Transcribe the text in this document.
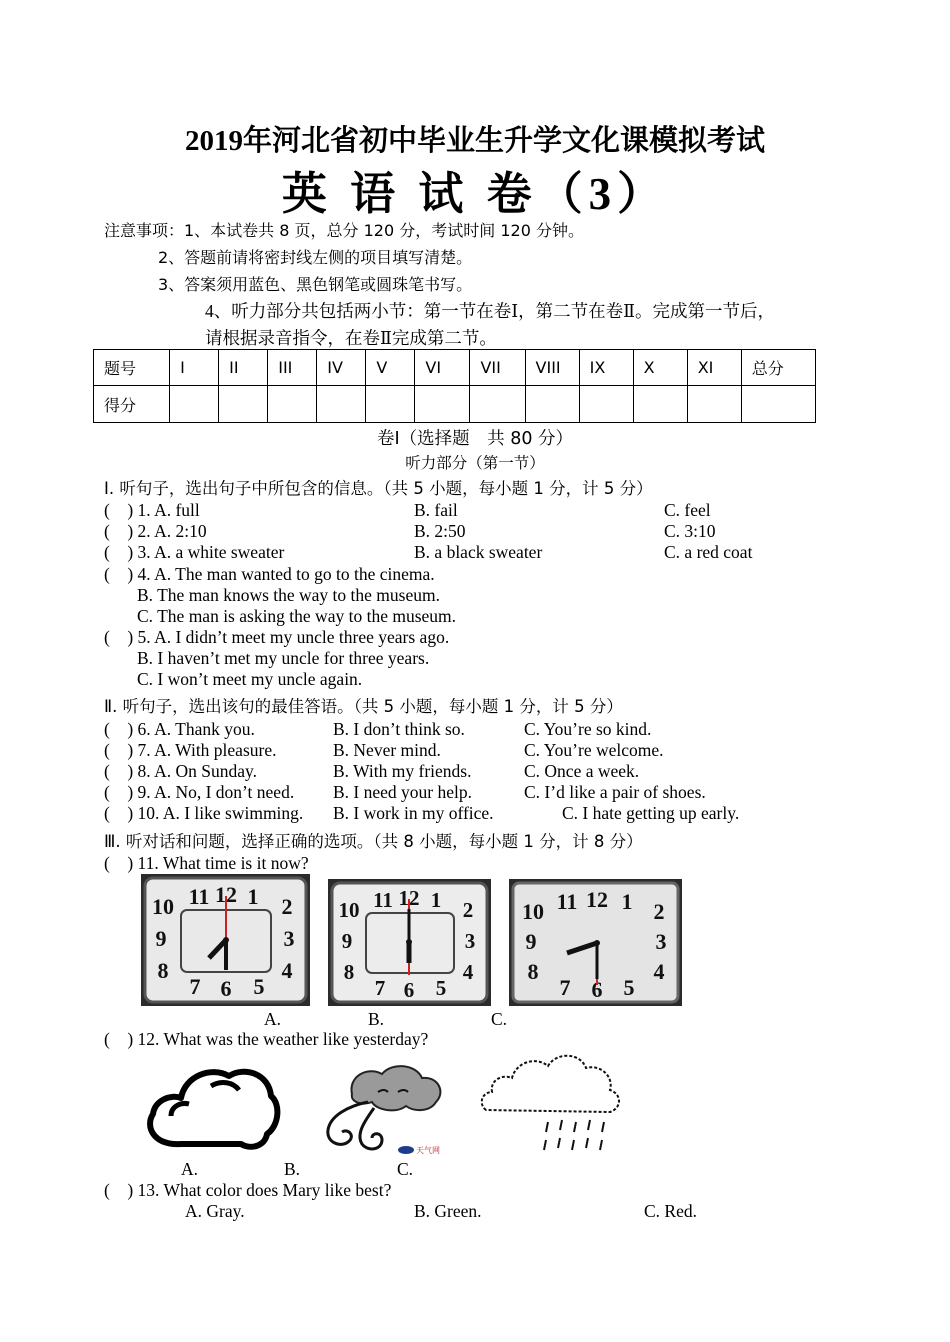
2019年河北省初中毕业生升学文化课模拟考试
英 语 试 卷（3）
注意事项：1、本试卷共 8 页，总分 120 分，考试时间 120 分钟。
2、答题前请将密封线左侧的项目填写清楚。
3、答案须用蓝色、黑色钢笔或圆珠笔书写。
4、听力部分共包括两小节：第一节在卷Ⅰ，第二节在卷Ⅱ。完成第一节后，
请根据录音指令，在卷Ⅱ完成第二节。
题号	I	II	III	IV	V	VI	VII	VIII	IX	X	XI	总分
得分												
卷Ⅰ（选择题　共 80 分）
听力部分（第一节）
I. 听句子，选出句子中所包含的信息。（共 5 小题，每小题 1 分，计 5 分）
(　) 1. A. full	B. fail	C. feel
(　) 2. A. 2:10	B. 2:50	C. 3:10
(　) 3. A. a white sweater	B. a black sweater	C. a red coat
(　) 4. A. The man wanted to go to the cinema.
B. The man knows the way to the museum.
C. The man is asking the way to the museum.
(　) 5. A. I didn’t meet my uncle three years ago.
B. I haven’t met my uncle for three years.
C. I won’t meet my uncle again.
Ⅱ. 听句子，选出该句的最佳答语。（共 5 小题，每小题 1 分，计 5 分）
(　) 6. A. Thank you.	B. I don’t think so.	C. You’re so kind.
(　) 7. A. With pleasure.	B. Never mind.	C. You’re welcome.
(　) 8. A. On Sunday.	B. With my friends.	C. Once a week.
(　) 9. A. No, I don’t need. B. I need your help.	C. I’d like a pair of shoes.
(　) 10. A. I like swimming. B. I work in my office.	C. I hate getting up early.
Ⅲ. 听对话和问题，选择正确的选项。（共 8 小题，每小题 1 分，计 8 分）
(　) 11. What time is it now?
11 12 1 2
3
4
5
6
7
8
9
10	11 12 1 2
3
4
5
6
7
8
9
10	11 12 1 2
3
4
5
6
7
8
9
10
A.	B.	C.
(　) 12. What was the weather like yesterday?
天气网
A.	B.	C.
(　) 13. What color does Mary like best?
A. Gray.	B. Green.	C. Red.
